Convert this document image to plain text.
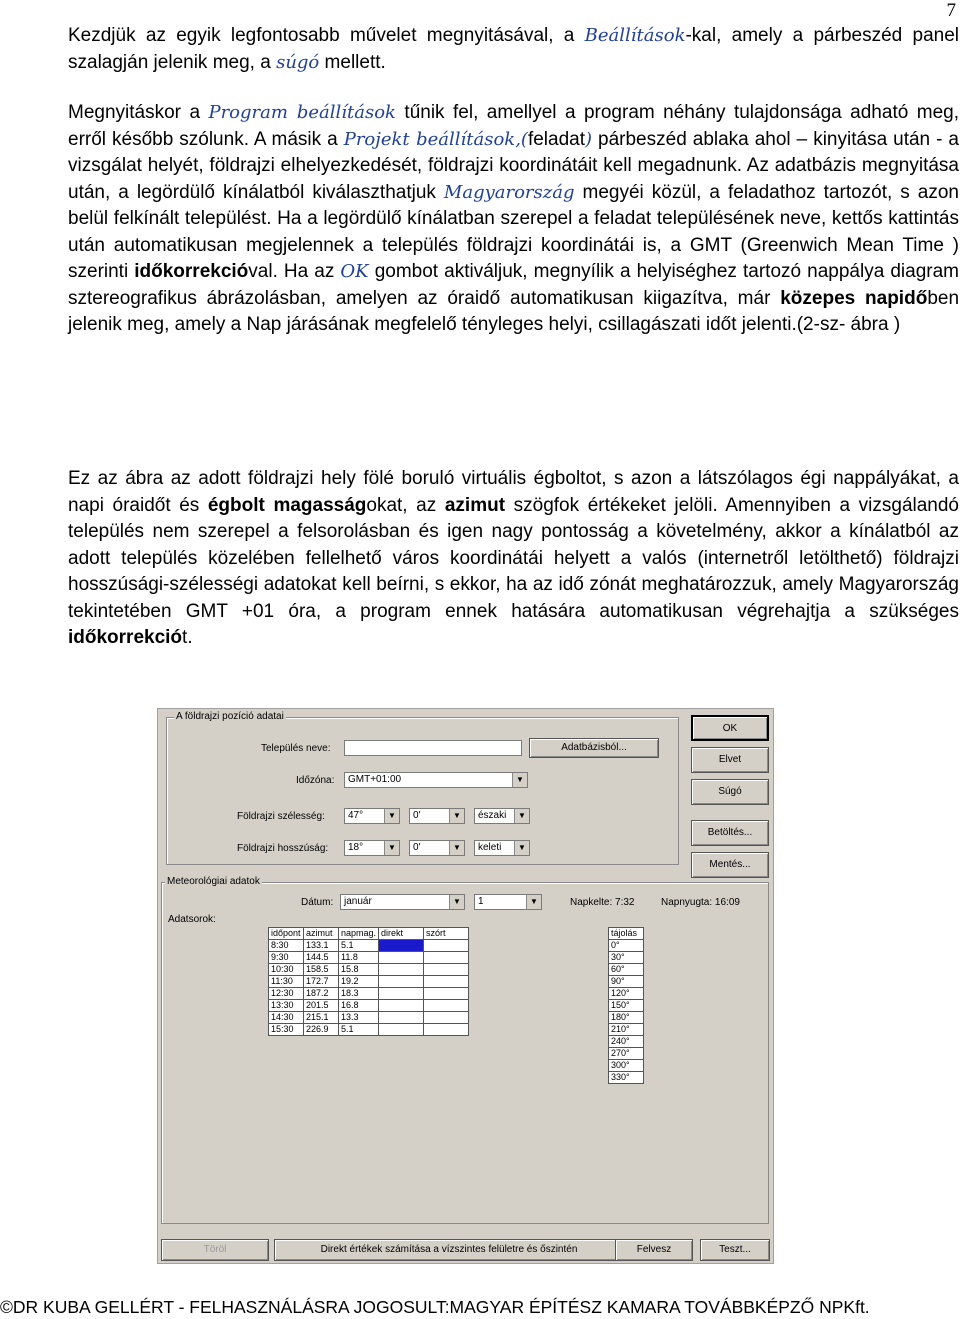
7
Kezdjük az egyik legfontosabb művelet megnyitásával, a Beállítások-kal, amely a párbeszéd panel szalagján jelenik meg, a súgó mellett.
Megnyitáskor a Program beállítások tűnik fel, amellyel a program néhány tulajdonsága adható meg, erről később szólunk. A másik a Projekt beállítások,(feladat) párbeszéd ablaka ahol – kinyitása után - a vizsgálat helyét, földrajzi elhelyezkedését, földrajzi koordinátáit kell megadnunk. Az adatbázis megnyitása után, a legördülő kínálatból kiválaszthatjuk Magyarország megyéi közül, a feladathoz tartozót, s azon belül felkínált települést. Ha a legördülő kínálatban szerepel a feladat településének neve, kettős kattintás után automatikusan megjelennek a település földrajzi koordinátái is, a GMT (Greenwich Mean Time ) szerinti időkorrekcióval. Ha az OK gombot aktiváljuk, megnyílik a helyiséghez tartozó nappálya diagram sztereografikus ábrázolásban, amelyen az óraidő automatikusan kiigazítva, már közepes napidőben jelenik meg, amely a Nap járásának megfelelő tényleges helyi, csillagászati időt jelenti.(2-sz- ábra )
Ez az ábra az adott földrajzi hely fölé boruló virtuális égboltot, s azon a látszólagos égi nappályákat, a napi óraidőt és égbolt magasságokat, az azimut szögfok értékeket jelöli. Amennyiben a vizsgálandó település nem szerepel a felsorolásban és igen nagy pontosság a követelmény, akkor a kínálatból az adott település közelében fellelhető város koordinátái helyett a valós (internetről letölthető) földrajzi hosszúsági-szélességi adatokat kell beírni, s ekkor, ha az idő zónát meghatározzuk, amely Magyarország tekintetében GMT +01 óra, a program ennek hatására automatikusan végrehajtja a szükséges időkorrekciót.
A földrajzi pozíció adatai
Település neve:	Adatbázisból...
Időzóna:	GMT+01:00	▼
Földrajzi szélesség:	47°	▼	0'	▼	északi	▼
Földrajzi hosszúság:	18°	▼	0'	▼	keleti	▼
OK
Elvet
Súgó
Betöltés...
Mentés...
Meteorológiai adatok
Adatsorok:
Dátum:	január	▼	1	▼	Napkelte: 7:32	Napnyugta: 16:09
időpont	azimut	napmag.	direkt	szórt
8:30	133.1	5.1		
9:30	144.5	11.8		
10:30	158.5	15.8		
11:30	172.7	19.2		
12:30	187.2	18.3		
13:30	201.5	16.8		
14:30	215.1	13.3		
15:30	226.9	5.1		
tájolás
0°
30°
60°
90°
120°
150°
180°
210°
240°
270°
300°
330°
Töröl	Direkt értékek számítása a vízszintes felületre és őszintén	Felvesz	Teszt...
©DR KUBA GELLÉRT - FELHASZNÁLÁSRA JOGOSULT:MAGYAR ÉPÍTÉSZ KAMARA TOVÁBBKÉPZŐ NPKft.
